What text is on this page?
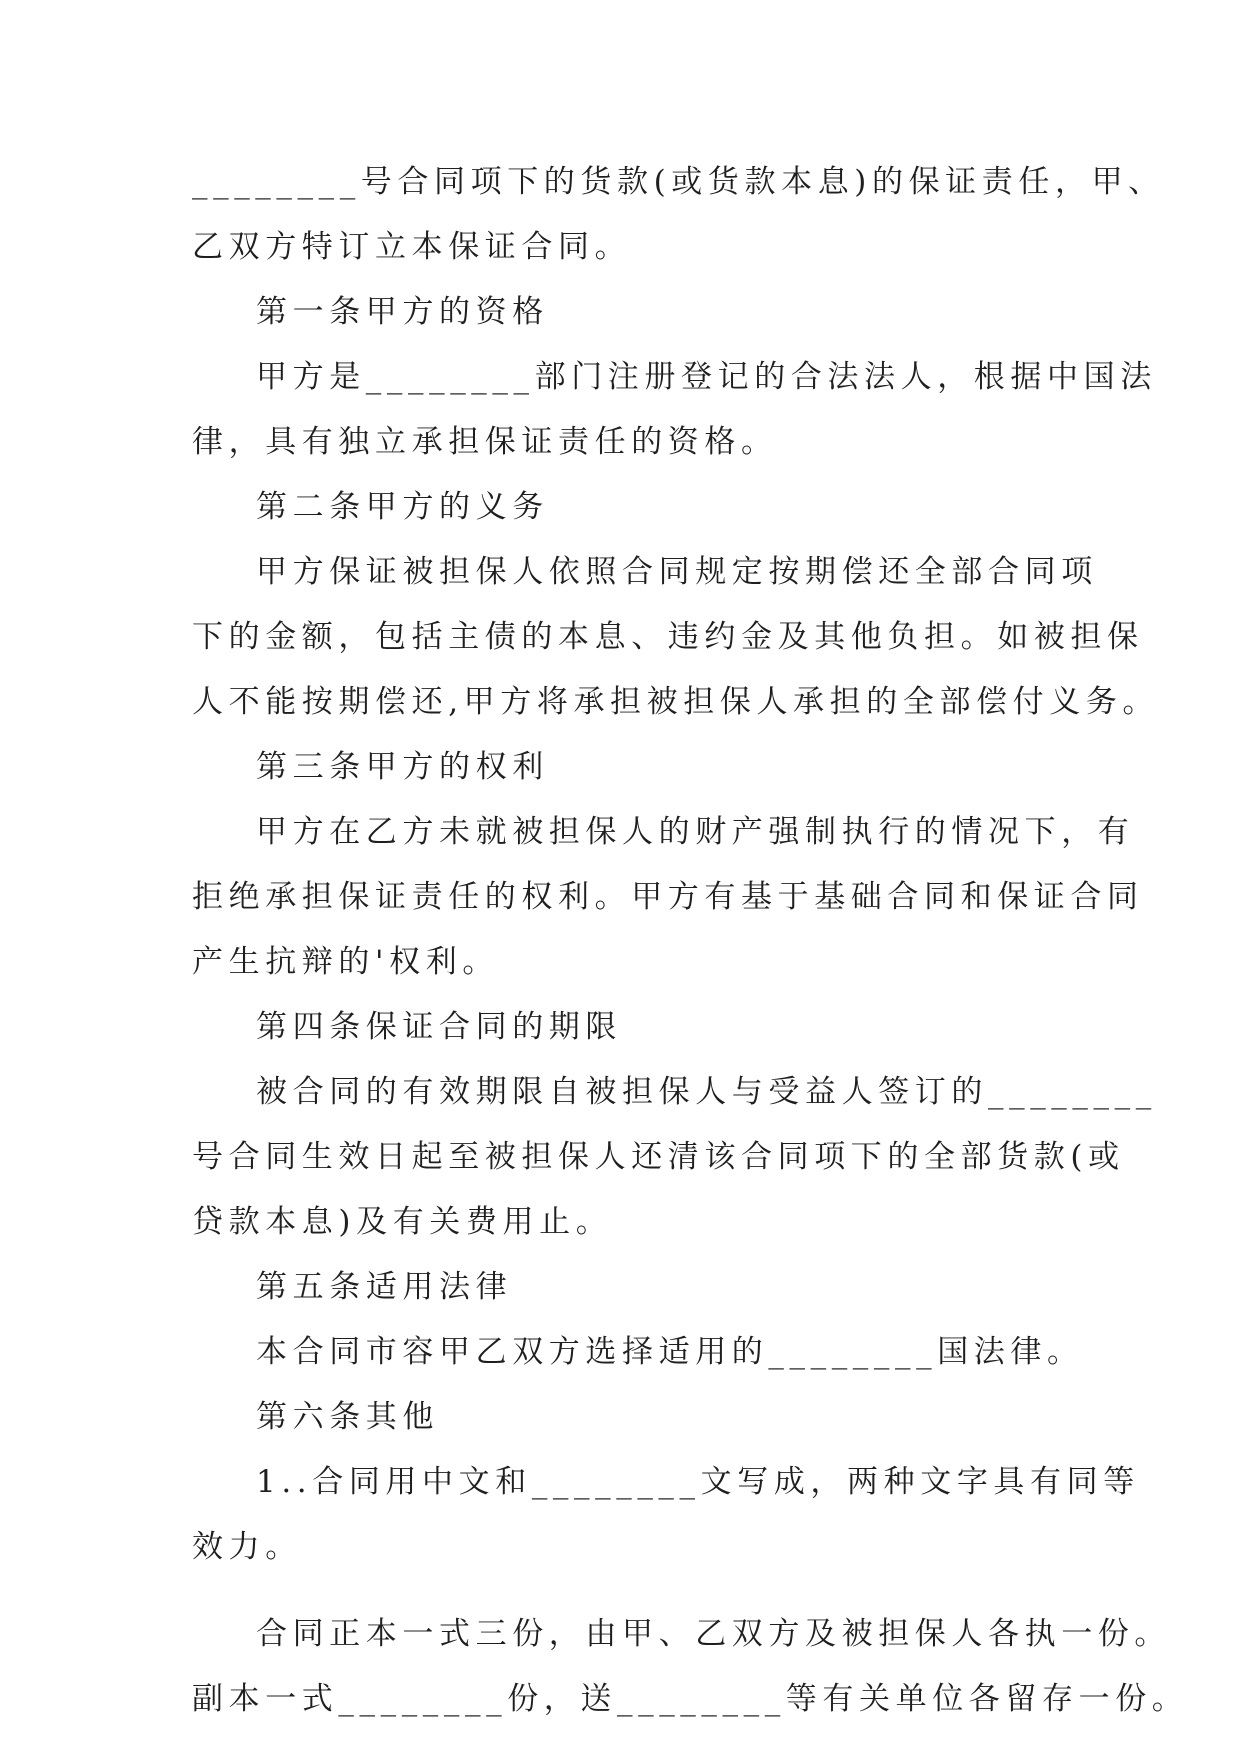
________号合同项下的货款(或货款本息)的保证责任，甲、
乙双方特订立本保证合同。
第一条甲方的资格
甲方是________部门注册登记的合法法人，根据中国法
律，具有独立承担保证责任的资格。
第二条甲方的义务
甲方保证被担保人依照合同规定按期偿还全部合同项
下的金额，包括主债的本息、违约金及其他负担。如被担保
人不能按期偿还,甲方将承担被担保人承担的全部偿付义务。
第三条甲方的权利
甲方在乙方未就被担保人的财产强制执行的情况下，有
拒绝承担保证责任的权利。甲方有基于基础合同和保证合同
产生抗辩的'权利。
第四条保证合同的期限
被合同的有效期限自被担保人与受益人签订的________
号合同生效日起至被担保人还清该合同项下的全部货款(或
贷款本息)及有关费用止。
第五条适用法律
本合同市容甲乙双方选择适用的________国法律。
第六条其他
1..合同用中文和________文写成，两种文字具有同等
效力。
合同正本一式三份，由甲、乙双方及被担保人各执一份。
副本一式________份，送________等有关单位各留存一份。
